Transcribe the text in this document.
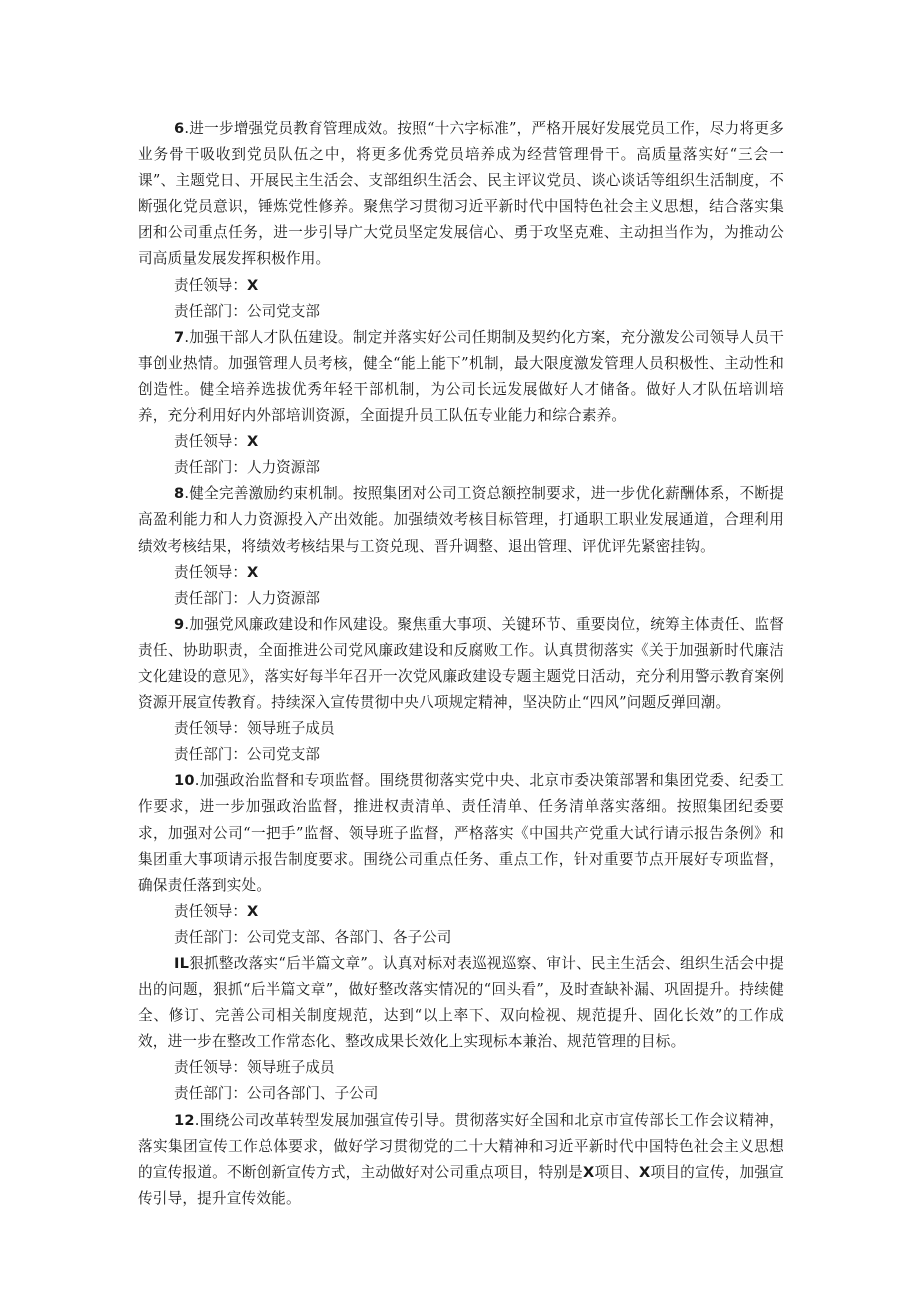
6.进一步增强党员教育管理成效。按照“十六字标准”，严格开展好发展党员工作，尽力将更多业务骨干吸收到党员队伍之中，将更多优秀党员培养成为经营管理骨干。高质量落实好“三会一课”、主题党日、开展民主生活会、支部组织生活会、民主评议党员、谈心谈话等组织生活制度，不断强化党员意识，锤炼党性修养。聚焦学习贯彻习近平新时代中国特色社会主义思想，结合落实集团和公司重点任务，进一步引导广大党员坚定发展信心、勇于攻坚克难、主动担当作为，为推动公司高质量发展发挥积极作用。

责任领导：X

责任部门：公司党支部

7.加强干部人才队伍建设。制定并落实好公司任期制及契约化方案，充分激发公司领导人员干事创业热情。加强管理人员考核，健全“能上能下”机制，最大限度激发管理人员积极性、主动性和创造性。健全培养选拔优秀年轻干部机制，为公司长远发展做好人才储备。做好人才队伍培训培养，充分利用好内外部培训资源，全面提升员工队伍专业能力和综合素养。

责任领导：X

责任部门：人力资源部

8.健全完善激励约束机制。按照集团对公司工资总额控制要求，进一步优化薪酬体系，不断提高盈利能力和人力资源投入产出效能。加强绩效考核目标管理，打通职工职业发展通道，合理利用绩效考核结果，将绩效考核结果与工资兑现、晋升调整、退出管理、评优评先紧密挂钩。

责任领导：X

责任部门：人力资源部

9.加强党风廉政建设和作风建设。聚焦重大事项、关键环节、重要岗位，统筹主体责任、监督责任、协助职责，全面推进公司党风廉政建设和反腐败工作。认真贯彻落实《关于加强新时代廉洁文化建设的意见》，落实好每半年召开一次党风廉政建设专题主题党日活动，充分利用警示教育案例资源开展宣传教育。持续深入宣传贯彻中央八项规定精神，坚决防止“四风”问题反弹回潮。

责任领导：领导班子成员

责任部门：公司党支部

10.加强政治监督和专项监督。围绕贯彻落实党中央、北京市委决策部署和集团党委、纪委工作要求，进一步加强政治监督，推进权责清单、责任清单、任务清单落实落细。按照集团纪委要求，加强对公司“一把手”监督、领导班子监督，严格落实《中国共产党重大试行请示报告条例》和集团重大事项请示报告制度要求。围绕公司重点任务、重点工作，针对重要节点开展好专项监督，确保责任落到实处。

责任领导：X

责任部门：公司党支部、各部门、各子公司

IL狠抓整改落实“后半篇文章”。认真对标对表巡视巡察、审计、民主生活会、组织生活会中提出的问题，狠抓“后半篇文章”，做好整改落实情况的“回头看”，及时查缺补漏、巩固提升。持续健全、修订、完善公司相关制度规范，达到“以上率下、双向检视、规范提升、固化长效”的工作成效，进一步在整改工作常态化、整改成果长效化上实现标本兼治、规范管理的目标。

责任领导：领导班子成员

责任部门：公司各部门、子公司

12.围绕公司改革转型发展加强宣传引导。贯彻落实好全国和北京市宣传部长工作会议精神，落实集团宣传工作总体要求，做好学习贯彻党的二十大精神和习近平新时代中国特色社会主义思想的宣传报道。不断创新宣传方式，主动做好对公司重点项目，特别是X项目、X项目的宣传，加强宣传引导，提升宣传效能。
